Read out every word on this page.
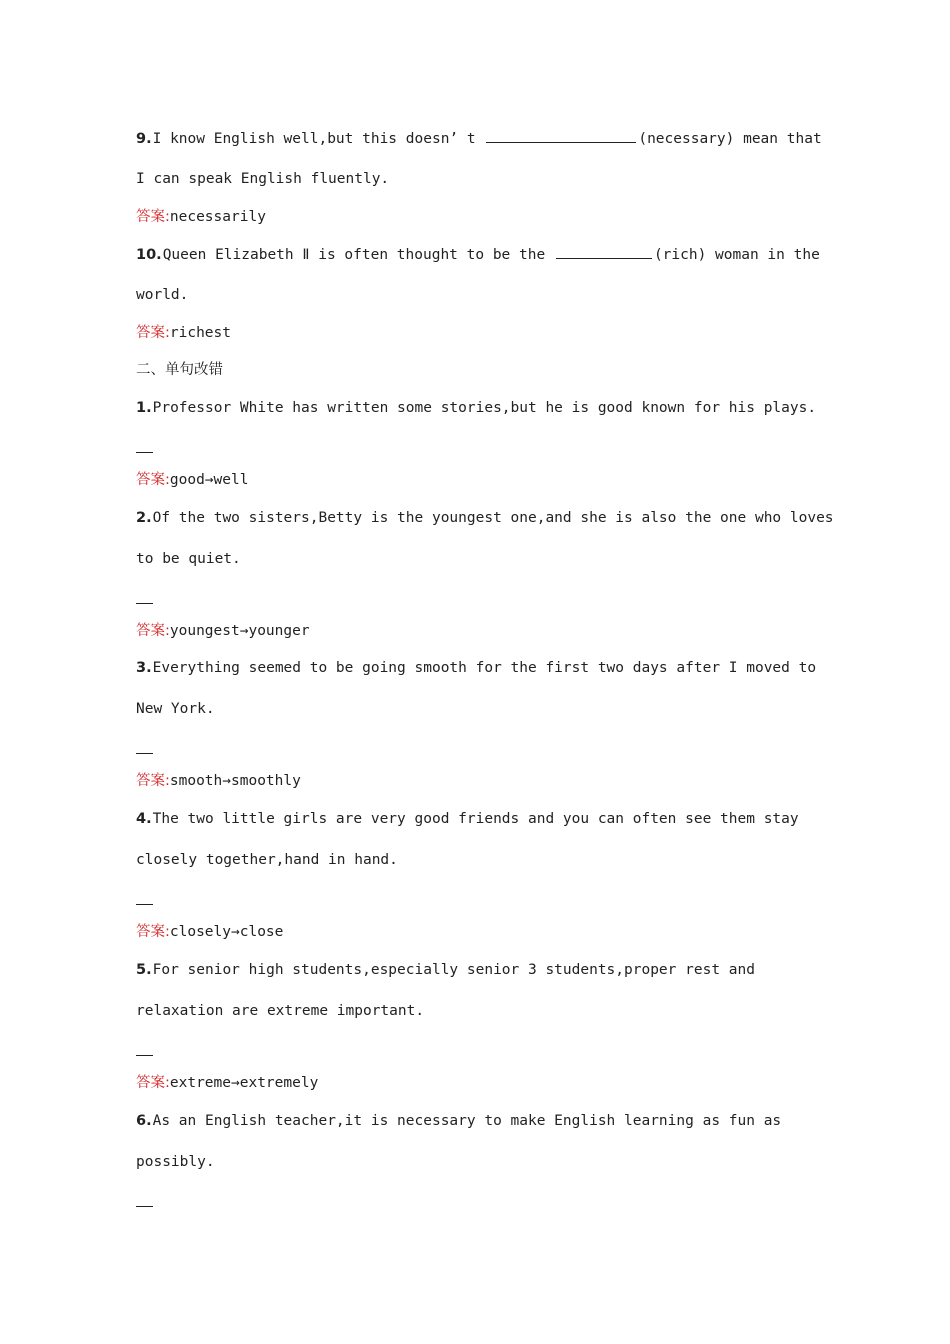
9.I know English well,but this doesn’ t	(necessary) mean that
I can speak English fluently.
答案:necessarily
10.Queen Elizabeth Ⅱ is often thought to be the	(rich) woman in the
world.
答案:richest
二、单句改错
1.Professor White has written some stories,but he is good known for his plays.
答案:good→well
2.Of the two sisters,Betty is the youngest one,and she is also the one who loves
to be quiet.
答案:youngest→younger
3.Everything seemed to be going smooth for the first two days after I moved to
New York.
答案:smooth→smoothly
4.The two little girls are very good friends and you can often see them stay
closely together,hand in hand.
答案:closely→close
5.For senior high students,especially senior 3 students,proper rest and
relaxation are extreme important.
答案:extreme→extremely
6.As an English teacher,it is necessary to make English learning as fun as
possibly.
